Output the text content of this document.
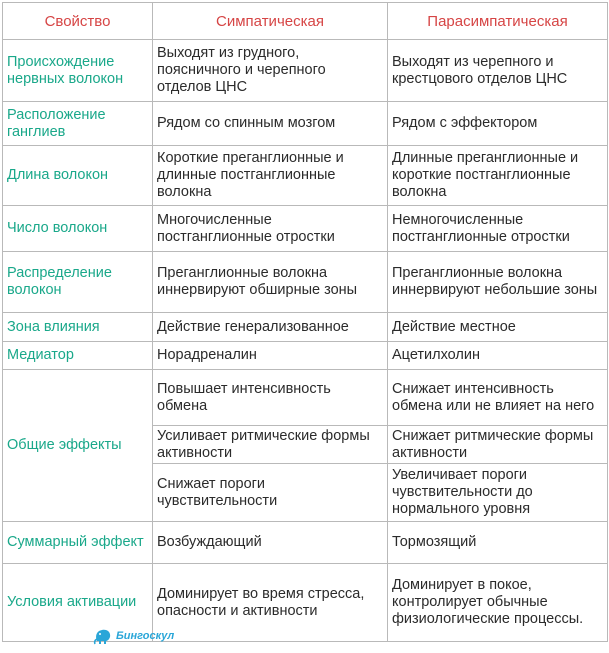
Свойство	Симпатическая	Парасимпатическая
Происхождение нервных волокон	Выходят из грудного, поясничного и черепного отделов ЦНС	Выходят из черепного и крестцового отделов ЦНС
Расположение ганглиев	Рядом со спинным мозгом	Рядом с эффектором
Длина волокон	Короткие преганглионные и длинные постганглионные волокна	Длинные преганглионные и короткие постганглионные волокна
Число волокон	Многочисленные постганглионные отростки	Немногочисленные постганглионные отростки
Распределение волокон	Преганглионные волокна иннервируют обширные зоны	Преганглионные волокна иннервируют небольшие зоны
Зона влияния	Действие генерализованное	Действие местное
Медиатор	Норадреналин	Ацетилхолин
Общие эффекты	Повышает интенсивность обмена	Снижает интенсивность обмена или не влияет на него
	Усиливает ритмические формы активности	Снижает ритмические формы активности
	Снижает пороги чувствительности	Увеличивает пороги чувствительности до нормального уровня
Суммарный эффект	Возбуждающий	Тормозящий
Условия активации	Доминирует во время стресса, опасности и активности	Доминирует в покое, контролирует обычные физиологические процессы.
Бингоскул
